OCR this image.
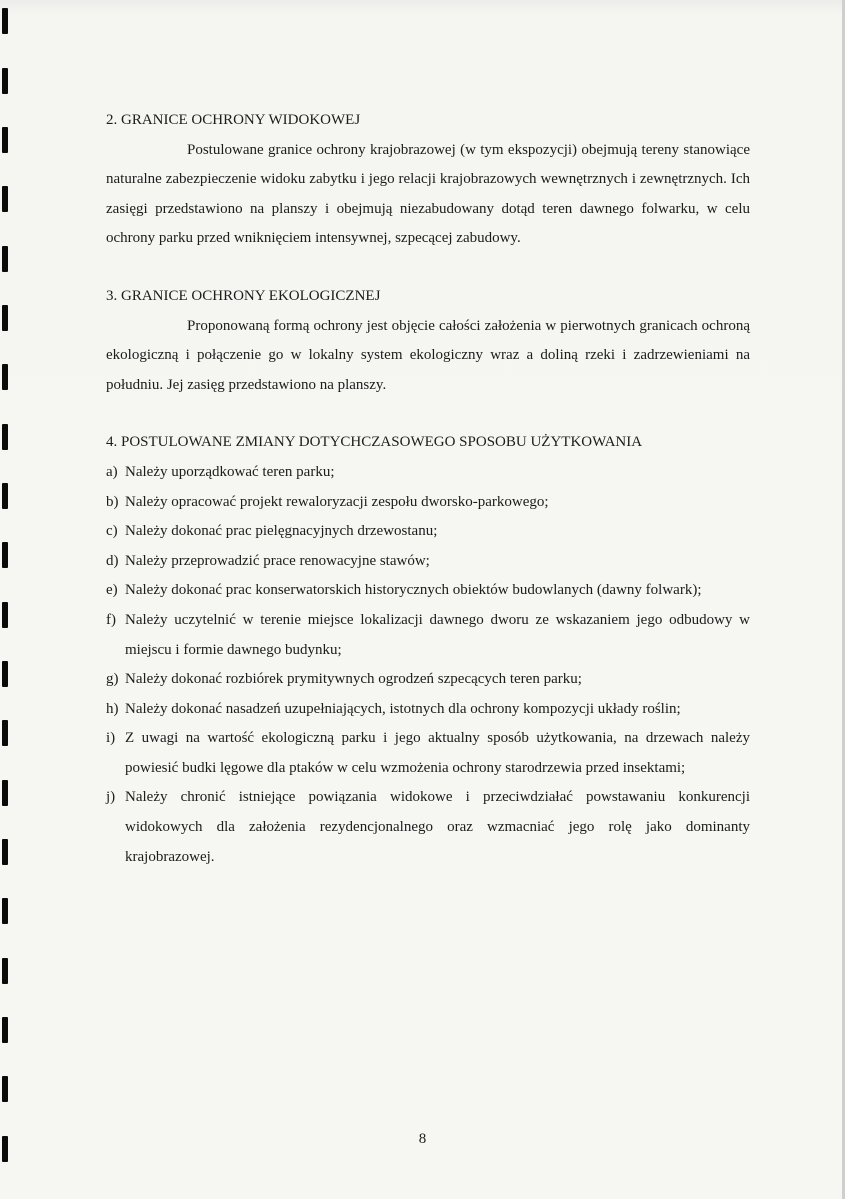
2. GRANICE OCHRONY WIDOKOWEJ

Postulowane granice ochrony krajobrazowej (w tym ekspozycji) obejmują tereny stanowiące naturalne zabezpieczenie widoku zabytku i jego relacji krajobrazowych wewnętrznych i zewnętrznych. Ich zasięgi przedstawiono na planszy i obejmują niezabudowany dotąd teren dawnego folwarku, w celu ochrony parku przed wniknięciem intensywnej, szpecącej zabudowy.

3. GRANICE OCHRONY EKOLOGICZNEJ

Proponowaną formą ochrony jest objęcie całości założenia w pierwotnych granicach ochroną ekologiczną i połączenie go w lokalny system ekologiczny wraz a doliną rzeki i zadrzewieniami na południu. Jej zasięg przedstawiono na planszy.

4. POSTULOWANE ZMIANY DOTYCHCZASOWEGO SPOSOBU UŻYTKOWANIA

a) Należy uporządkować teren parku;
b) Należy opracować projekt rewaloryzacji zespołu dworsko-parkowego;
c) Należy dokonać prac pielęgnacyjnych drzewostanu;
d) Należy przeprowadzić prace renowacyjne stawów;
e) Należy dokonać prac konserwatorskich historycznych obiektów budowlanych (dawny folwark);
f) Należy uczytelnić w terenie miejsce lokalizacji dawnego dworu ze wskazaniem jego odbudowy w miejscu i formie dawnego budynku;
g) Należy dokonać rozbiórek prymitywnych ogrodzeń szpecących teren parku;
h) Należy dokonać nasadzeń uzupełniających, istotnych dla ochrony kompozycji układy roślin;
i) Z uwagi na wartość ekologiczną parku i jego aktualny sposób użytkowania, na drzewach należy powiesić budki lęgowe dla ptaków w celu wzmożenia ochrony starodrzewia przed insektami;
j) Należy chronić istniejące powiązania widokowe i przeciwdziałać powstawaniu konkurencji widokowych dla założenia rezydencjonalnego oraz wzmacniać jego rolę jako dominanty krajobrazowej.
8
